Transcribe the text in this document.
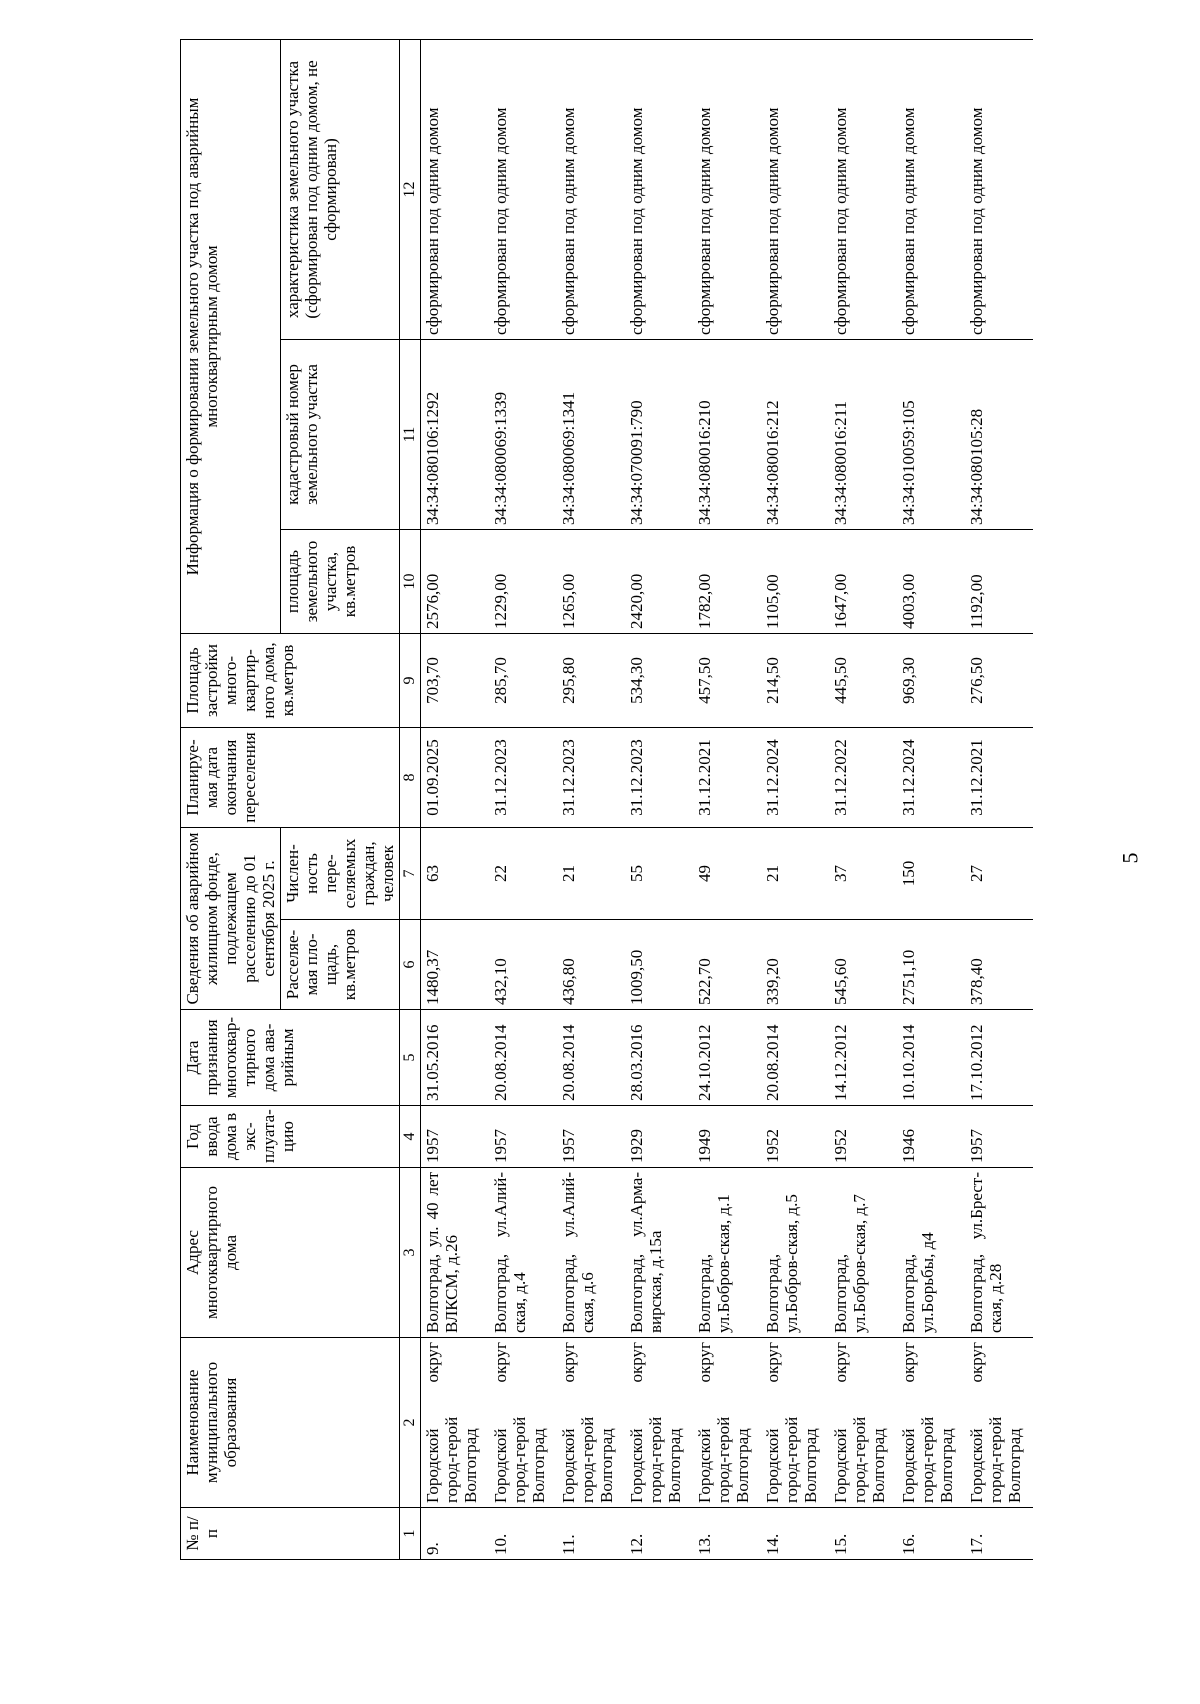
5
№ п/п	Наименование муниципального образования	Адрес многоквартирного дома	Год ввода дома в экс-плуата-цию	Дата признания многоквар-тирного дома ава-рийным	Сведения об аварийном жилищном фонде, подлежащем расселению до 01 сентября 2025 г.		Планируе-мая дата окончания переселения	Площадь застройки много-квартир-ного дома, кв.метров	Информация о формировании земельного участка под аварийным многоквартирным домом		
					Расселяе-мая пло-щадь, кв.метров	Числен-ность пере-селяемых граждан, человек			площадь земельного участка, кв.метров	кадастровый номер земельного участка	характеристика земельного участка (сформирован под одним домом, не сформирован)
1	2	3	4	5	6	7	8	9	10	11	12
9.	Городской округ город-герой Волгоград	Волгоград, ул. 40 лет ВЛКСМ, д.26	1957	31.05.2016	1480,37	63	01.09.2025	703,70	2576,00	34:34:080106:1292	сформирован под одним домом
10.	Городской округ город-герой Волгоград	Волгоград, ул.Алий-ская, д.4	1957	20.08.2014	432,10	22	31.12.2023	285,70	1229,00	34:34:080069:1339	сформирован под одним домом
11.	Городской округ город-герой Волгоград	Волгоград, ул.Алий-ская, д.6	1957	20.08.2014	436,80	21	31.12.2023	295,80	1265,00	34:34:080069:1341	сформирован под одним домом
12.	Городской округ город-герой Волгоград	Волгоград, ул.Арма-вирская, д.15а	1929	28.03.2016	1009,50	55	31.12.2023	534,30	2420,00	34:34:070091:790	сформирован под одним домом
13.	Городской округ город-герой Волгоград	Волгоград, ул.Бобров-ская, д.1	1949	24.10.2012	522,70	49	31.12.2021	457,50	1782,00	34:34:080016:210	сформирован под одним домом
14.	Городской округ город-герой Волгоград	Волгоград, ул.Бобров-ская, д.5	1952	20.08.2014	339,20	21	31.12.2024	214,50	1105,00	34:34:080016:212	сформирован под одним домом
15.	Городской округ город-герой Волгоград	Волгоград, ул.Бобров-ская, д.7	1952	14.12.2012	545,60	37	31.12.2022	445,50	1647,00	34:34:080016:211	сформирован под одним домом
16.	Городской округ город-герой Волгоград	Волгоград, ул.Борьбы, д4	1946	10.10.2014	2751,10	150	31.12.2024	969,30	4003,00	34:34:010059:105	сформирован под одним домом
17.	Городской округ город-герой Волгоград	Волгоград, ул.Брест-ская, д.28	1957	17.10.2012	378,40	27	31.12.2021	276,50	1192,00	34:34:080105:28	сформирован под одним домом
